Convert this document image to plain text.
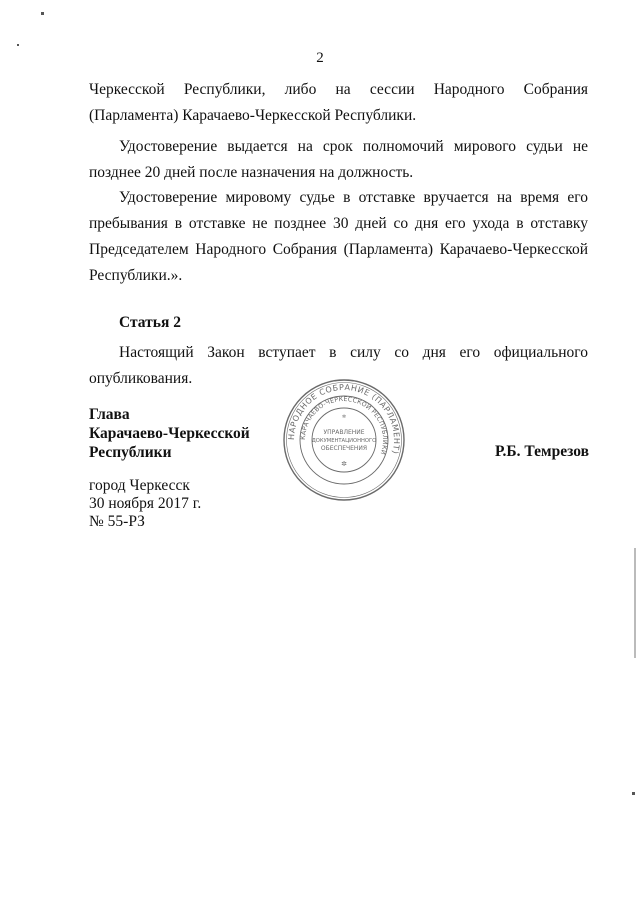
2

Черкесской Республики, либо на сессии Народного Собрания (Парламента) Карачаево-Черкесской Республики.

Удостоверение выдается на срок полномочий мирового судьи не позднее 20 дней после назначения на должность.

Удостоверение мировому судье в отставке вручается на время его пребывания в отставке не позднее 30 дней со дня его ухода в отставку Председателем Народного Собрания (Парламента) Карачаево-Черкесской Республики.».

Статья 2

Настоящий Закон вступает в силу со дня его официального

опубликования.

Глава
Карачаево-Черкесской
Республики	Р.Б. Темрезов
город Черкесск
30 ноября 2017 г.
№ 55-РЗ
НАРОДНОЕ СОБРАНИЕ (ПАРЛАМЕНТ)
КАРАЧАЕВО-ЧЕРКЕССКОЙ РЕСПУБЛИКИ
УПРАВЛЕНИЕ
ДОКУМЕНТАЦИОННОГО
ОБЕСПЕЧЕНИЯ
✲
✲
